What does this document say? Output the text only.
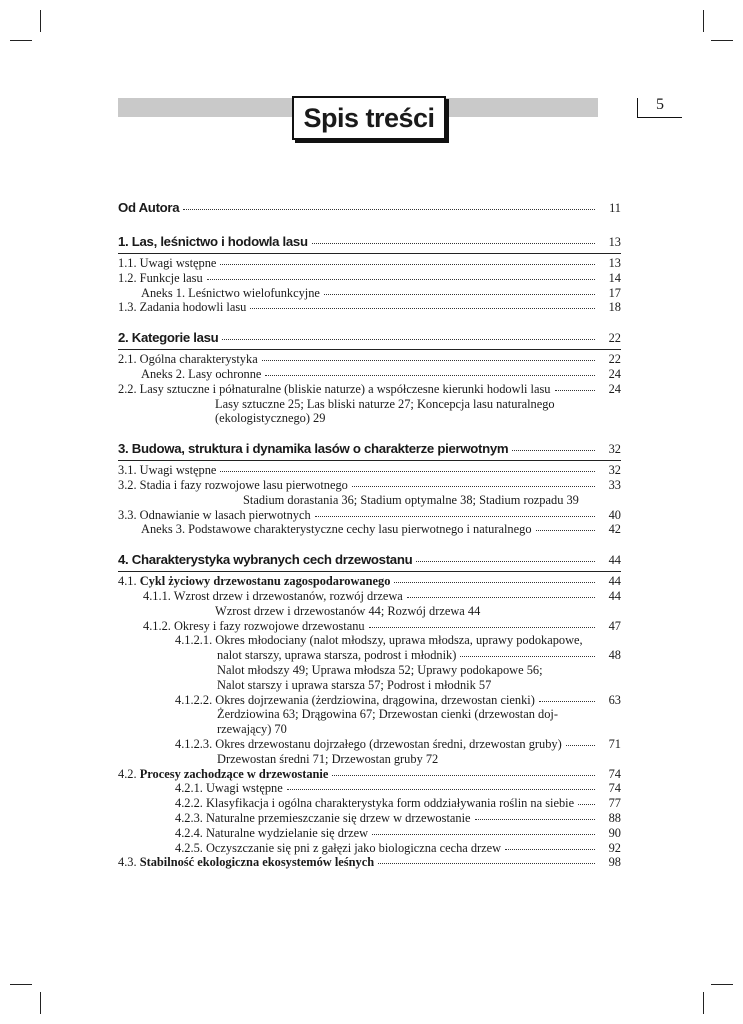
Spis treści	5
Od Autora	11
1. Las, leśnictwo i hodowla lasu	13
1.1. Uwagi wstępne	13
1.2. Funkcje lasu	14
Aneks 1. Leśnictwo wielofunkcyjne	17
1.3. Zadania hodowli lasu	18
2. Kategorie lasu	22
2.1. Ogólna charakterystyka	22
Aneks 2. Lasy ochronne	24
2.2. Lasy sztuczne i półnaturalne (bliskie naturze) a współczesne kierunki hodowli lasu	24
Lasy sztuczne 25; Las bliski naturze 27; Koncepcja lasu naturalnego
(ekologistycznego) 29
3. Budowa, struktura i dynamika lasów o charakterze pierwotnym	32
3.1. Uwagi wstępne	32
3.2. Stadia i fazy rozwojowe lasu pierwotnego	33
Stadium dorastania 36; Stadium optymalne 38; Stadium rozpadu 39
3.3. Odnawianie w lasach pierwotnych	40
Aneks 3. Podstawowe charakterystyczne cechy lasu pierwotnego i naturalnego	42
4. Charakterystyka wybranych cech drzewostanu	44
4.1. Cykl życiowy drzewostanu zagospodarowanego	44
4.1.1. Wzrost drzew i drzewostanów, rozwój drzewa	44
Wzrost drzew i drzewostanów 44; Rozwój drzewa 44
4.1.2. Okresy i fazy rozwojowe drzewostanu	47
4.1.2.1. Okres młodociany (nalot młodszy, uprawa młodsza, uprawy podokapowe,
nalot starszy, uprawa starsza, podrost i młodnik)	48
Nalot młodszy 49; Uprawa młodsza 52; Uprawy podokapowe 56;
Nalot starszy i uprawa starsza 57; Podrost i młodnik 57
4.1.2.2. Okres dojrzewania (żerdziowina, drągowina, drzewostan cienki)	63
Żerdziowina 63; Drągowina 67; Drzewostan cienki (drzewostan doj-
rzewający) 70
4.1.2.3. Okres drzewostanu dojrzałego (drzewostan średni, drzewostan gruby)	71
Drzewostan średni 71; Drzewostan gruby 72
4.2. Procesy zachodzące w drzewostanie	74
4.2.1. Uwagi wstępne	74
4.2.2. Klasyfikacja i ogólna charakterystyka form oddziaływania roślin na siebie	77
4.2.3. Naturalne przemieszczanie się drzew w drzewostanie	88
4.2.4. Naturalne wydzielanie się drzew	90
4.2.5. Oczyszczanie się pni z gałęzi jako biologiczna cecha drzew	92
4.3. Stabilność ekologiczna ekosystemów leśnych	98
